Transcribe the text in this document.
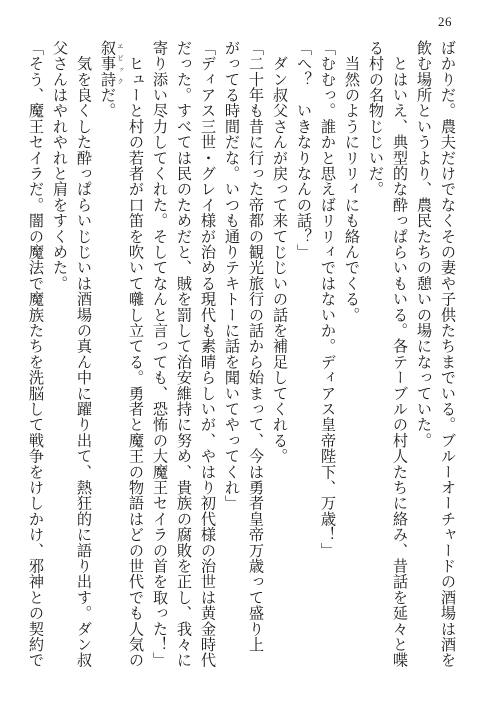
26

ばかりだ。農夫だけでなくその妻や子供たちまでいる。ブルーオーチャードの酒場は酒を

飲む場所というより、農民たちの憩いの場になっていた。

　とはいえ、典型的な酔っぱらいもいる。各テーブルの村人たちに絡み、昔話を延々と喋

る村の名物じじいだ。

　当然のようにリリィにも絡んでくる。

「むむっ。誰かと思えばリリィではないか。ディアス皇帝陛下、万歳！」

「へ？　いきなりなんの話？」

　ダン叔父さんが戻って来てじじいの話を補足してくれる。

「二十年も昔に行った帝都の観光旅行の話から始まって、今は勇者皇帝万歳って盛り上

がってる時間だな。いつも通りテキトーに話を聞いてやってくれ」

「ディアス三世・グレイ様が治める現代も素晴らしいが、やはり初代様の治世は黄金時代

だった。すべては民のためだと、賊を罰して治安維持に努め、貴族の腐敗を正し、我々に

寄り添い尽力してくれた。そしてなんと言っても、恐怖の大魔王セイラの首を取った！」

　ヒューと村の若者が口笛を吹いて囃し立てる。勇者と魔王の物語はどの世代でも人気の

叙事詩 エピックだ。

　気を良くした酔っぱらいじじいは酒場の真ん中に躍り出て、熱狂的に語り出す。ダン叔

父さんはやれやれと肩をすくめた。

「そう、魔王セイラだ。闇の魔法で魔族たちを洗脳して戦争をけしかけ、邪神との契約で
